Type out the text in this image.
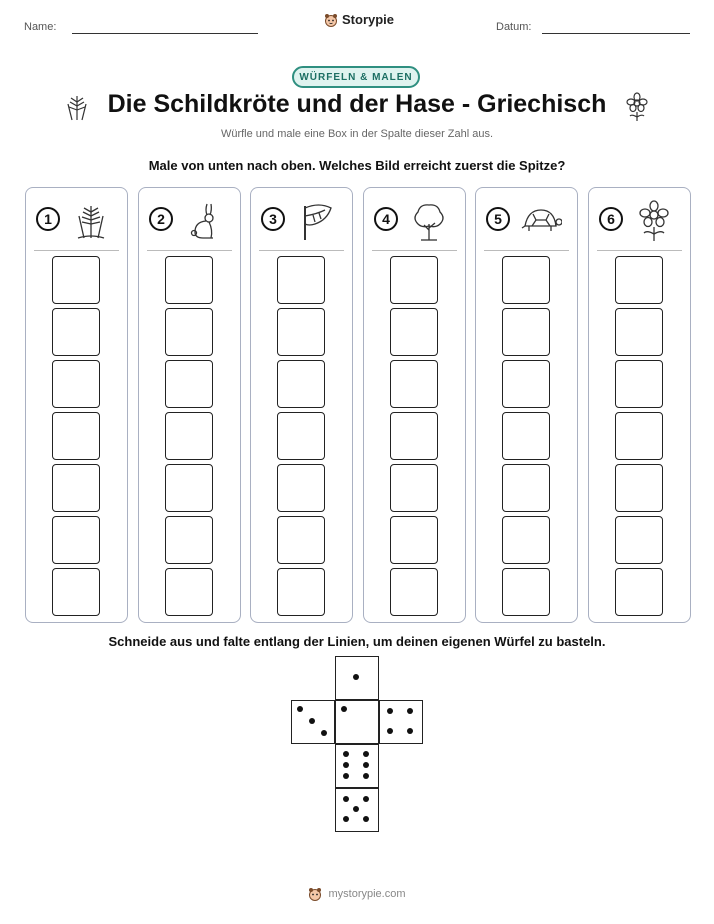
Name:	Storypie	Datum:
WÜRFELN & MALEN
Die Schildkröte und der Hase - Griechisch
Würfle und male eine Box in der Spalte dieser Zahl aus.
Male von unten nach oben. Welches Bild erreicht zuerst die Spitze?
1	2	3	4	5	6
Schneide aus und falte entlang der Linien, um deinen eigenen Würfel zu basteln.
mystorypie.com
